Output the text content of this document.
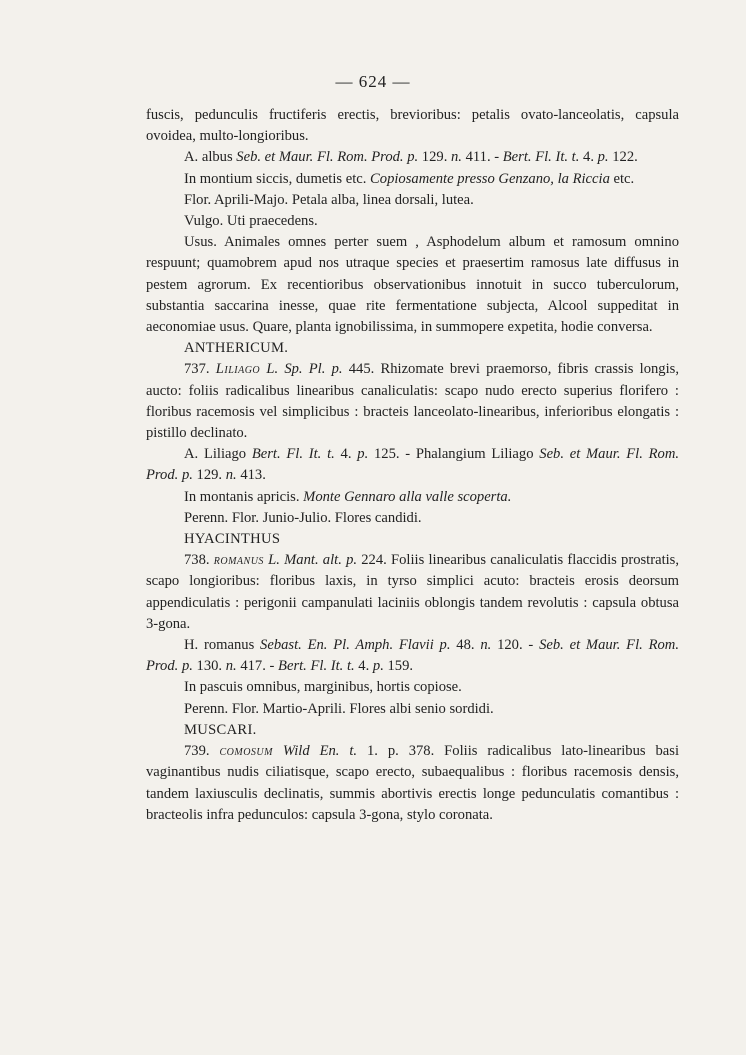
— 624 —

fuscis, pedunculis fructiferis erectis, brevioribus: petalis ovato-lanceolatis, capsula ovoidea, multo-longioribus.

A. albus Seb. et Maur. Fl. Rom. Prod. p. 129. n. 411. - Bert. Fl. It. t. 4. p. 122.

In montium siccis, dumetis etc. Copiosamente presso Genzano, la Riccia etc.

Flor. Aprili-Majo. Petala alba, linea dorsali, lutea.

Vulgo. Uti praecedens.

Usus. Animales omnes perter suem , Asphodelum album et ramosum omnino respuunt; quamobrem apud nos utraque species et praesertim ramosus late diffusus in pestem agrorum. Ex recentioribus observationibus innotuit in succo tuberculorum, substantia saccarina inesse, quae rite fermentatione subjecta, Alcool suppeditat in aeconomiae usus. Quare, planta ignobilissima, in summopere expetita, hodie conversa.

ANTHERICUM.

737. Liliago L. Sp. Pl. p. 445. Rhizomate brevi praemorso, fibris crassis longis, aucto: foliis radicalibus linearibus canaliculatis: scapo nudo erecto superius florifero : floribus racemosis vel simplicibus : bracteis lanceolato-linearibus, inferioribus elongatis : pistillo declinato.

A. Liliago Bert. Fl. It. t. 4. p. 125. - Phalangium Liliago Seb. et Maur. Fl. Rom. Prod. p. 129. n. 413.

In montanis apricis. Monte Gennaro alla valle scoperta.

Perenn. Flor. Junio-Julio. Flores candidi.

HYACINTHUS

738. romanus L. Mant. alt. p. 224. Foliis linearibus canaliculatis flaccidis prostratis, scapo longioribus: floribus laxis, in tyrso simplici acuto: bracteis erosis deorsum appendiculatis : perigonii campanulati laciniis oblongis tandem revolutis : capsula obtusa 3-gona.

H. romanus Sebast. En. Pl. Amph. Flavii p. 48. n. 120. - Seb. et Maur. Fl. Rom. Prod. p. 130. n. 417. - Bert. Fl. It. t. 4. p. 159.

In pascuis omnibus, marginibus, hortis copiose.

Perenn. Flor. Martio-Aprili. Flores albi senio sordidi.

MUSCARI.

739. comosum Wild En. t. 1. p. 378. Foliis radicalibus lato-linearibus basi vaginantibus nudis ciliatisque, scapo erecto, subaequalibus : floribus racemosis densis, tandem laxiusculis declinatis, summis abortivis erectis longe pedunculatis comantibus : bracteolis infra pedunculos: capsula 3-gona, stylo coronata.
